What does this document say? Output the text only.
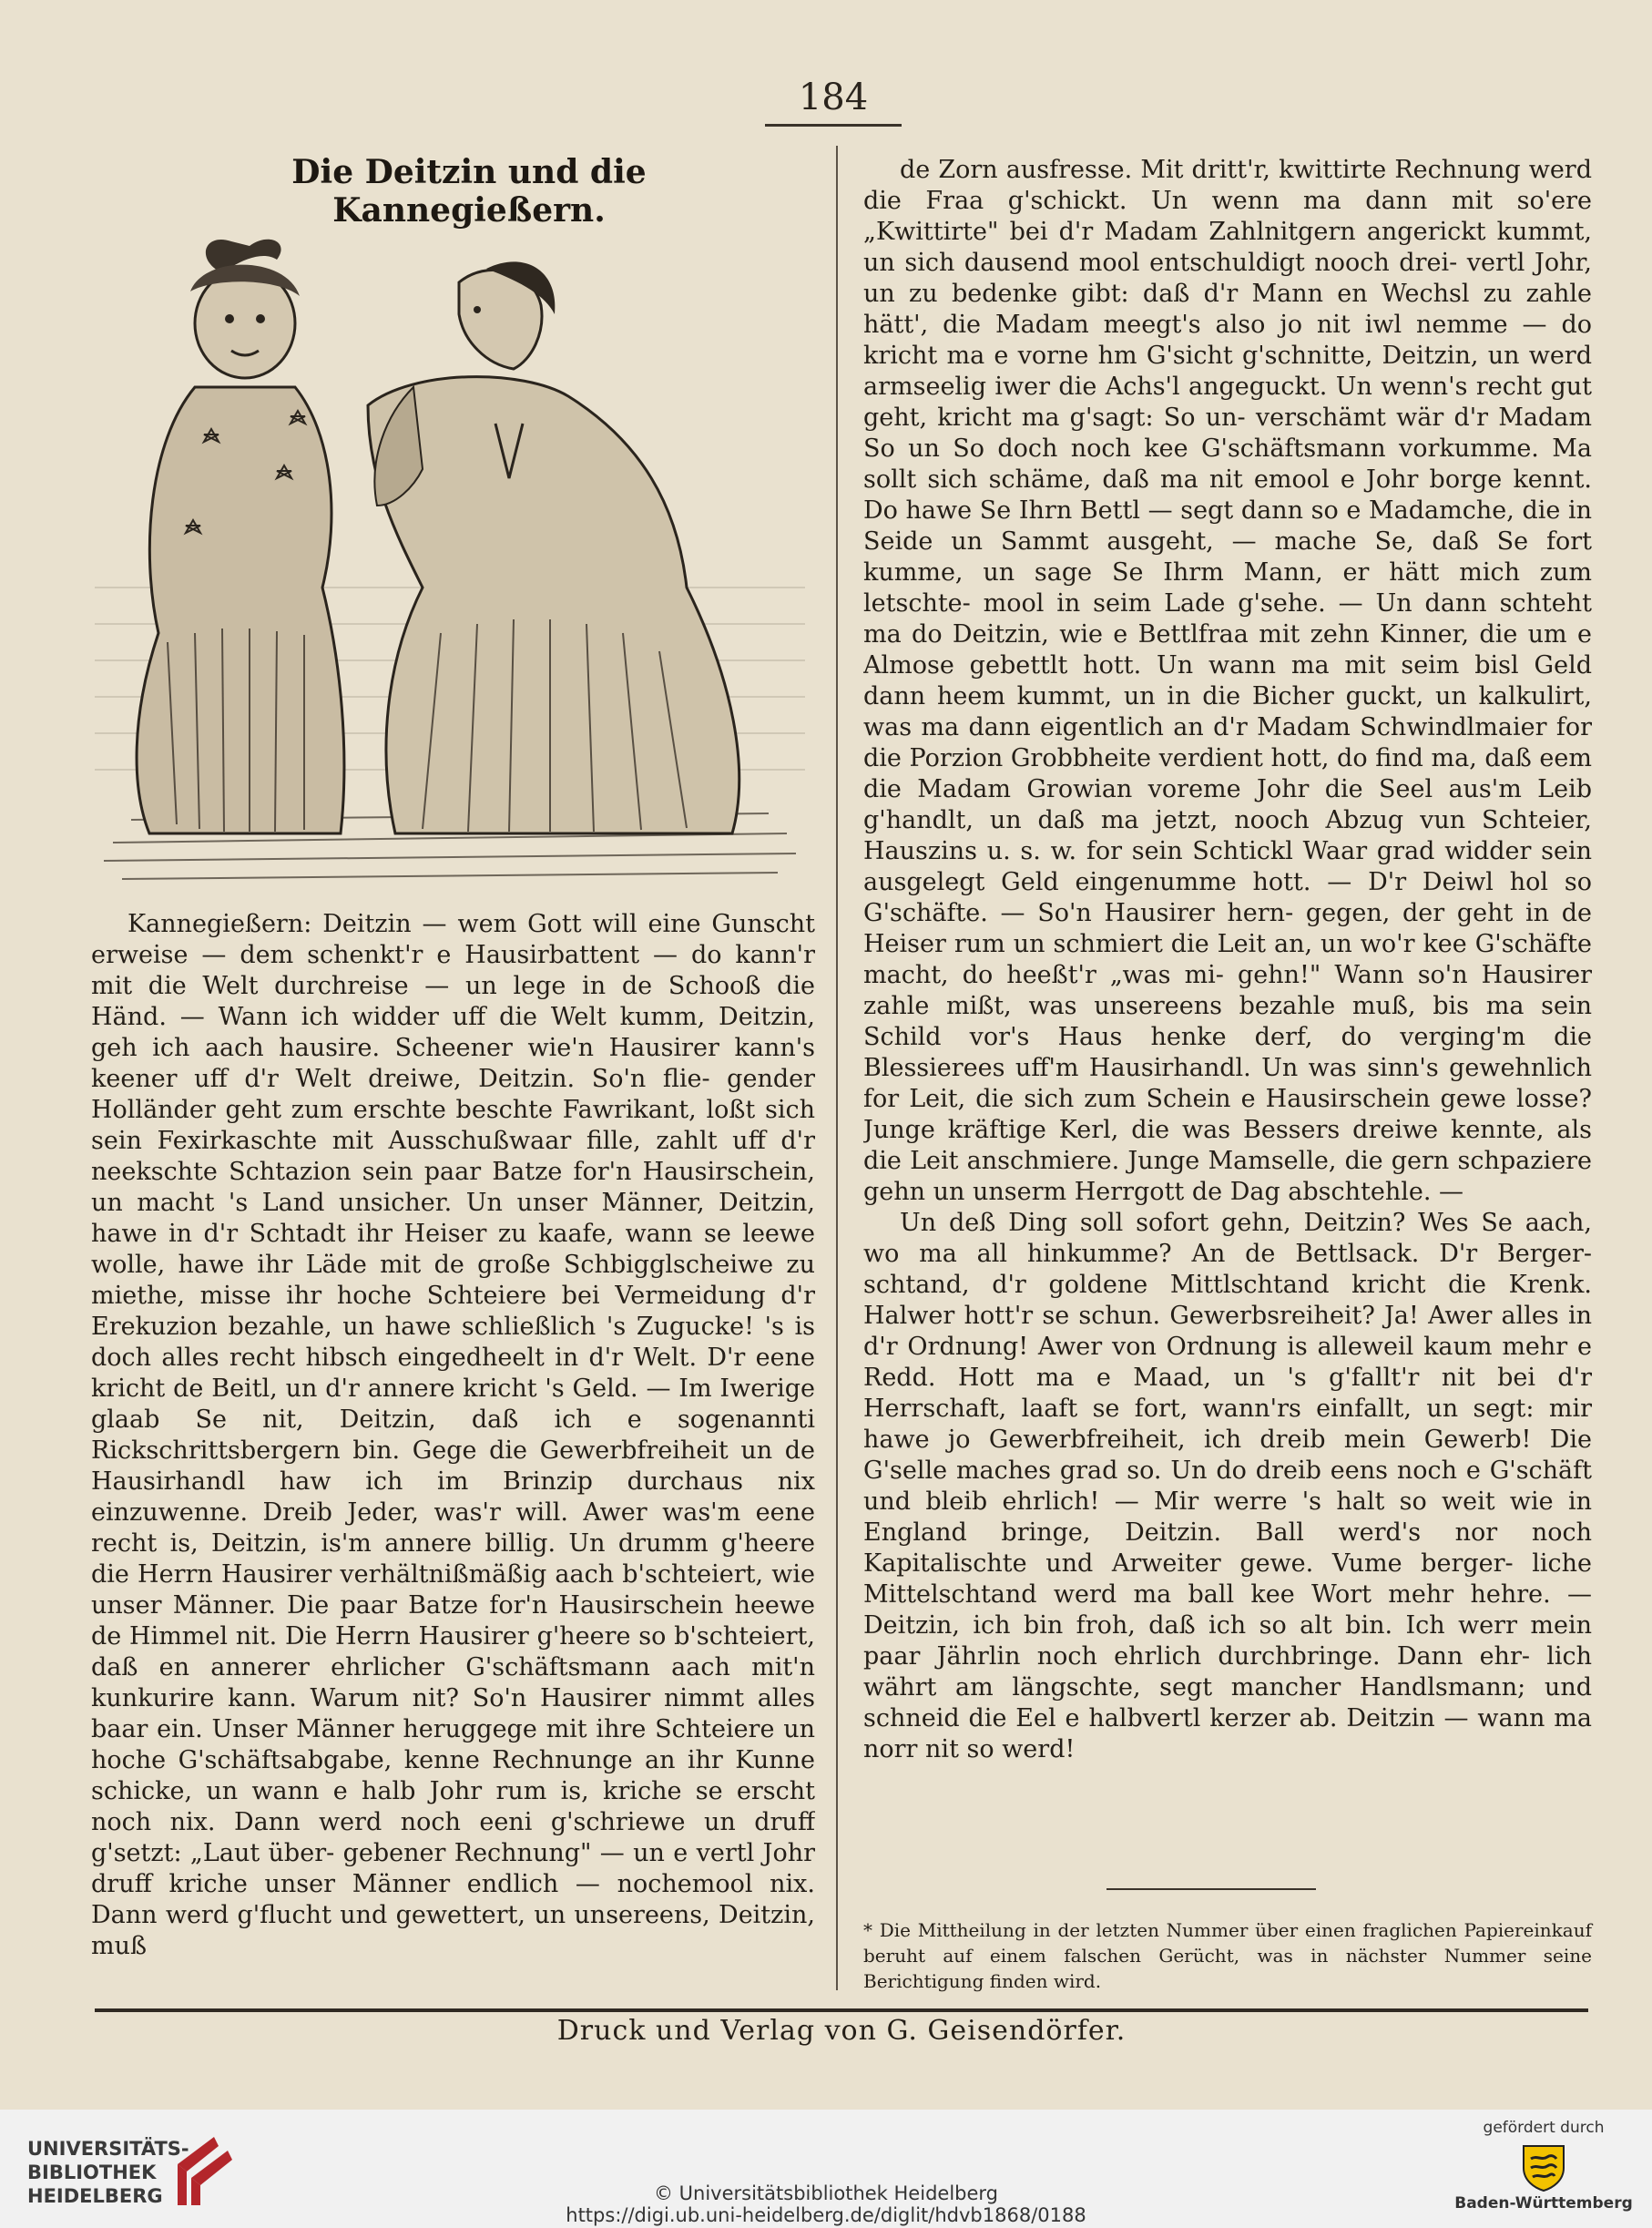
184
Die Deitzin und die Kannegießern.

Kannegießern: Deitzin — wem Gott will eine Gunscht erweise — dem schenkt'r e Hausirbattent — do kann'r mit die Welt durchreise — un lege in de Schooß die Händ. — Wann ich widder uff die Welt kumm, Deitzin, geh ich aach hausire. Scheener wie'n Hausirer kann's keener uff d'r Welt dreiwe, Deitzin. So'n flie- gender Holländer geht zum erschte beschte Fawrikant, loßt sich sein Fexirkaschte mit Ausschußwaar fille, zahlt uff d'r neekschte Schtazion sein paar Batze for'n Hausirschein, un macht 's Land unsicher. Un unser Männer, Deitzin, hawe in d'r Schtadt ihr Heiser zu kaafe, wann se leewe wolle, hawe ihr Läde mit de große Schbigglscheiwe zu miethe, misse ihr hoche Schteiere bei Vermeidung d'r Erekuzion bezahle, un hawe schließlich 's Zugucke! 's is doch alles recht hibsch eingedheelt in d'r Welt. D'r eene kricht de Beitl, un d'r annere kricht 's Geld. — Im Iwerige glaab Se nit, Deitzin, daß ich e sogenannti Rickschrittsbergern bin. Gege die Gewerbfreiheit un de Hausirhandl haw ich im Brinzip durchaus nix einzuwenne. Dreib Jeder, was'r will. Awer was'm eene recht is, Deitzin, is'm annere billig. Un drumm g'heere die Herrn Hausirer verhältnißmäßig aach b'schteiert, wie unser Männer. Die paar Batze for'n Hausirschein heewe de Himmel nit. Die Herrn Hausirer g'heere so b'schteiert, daß en annerer ehrlicher G'schäftsmann aach mit'n kunkurire kann. Warum nit? So'n Hausirer nimmt alles baar ein. Unser Männer heruggege mit ihre Schteiere un hoche G'schäftsabgabe, kenne Rechnunge an ihr Kunne schicke, un wann e halb Johr rum is, kriche se erscht noch nix. Dann werd noch eeni g'schriewe un druff g'setzt: „Laut über- gebener Rechnung" — un e vertl Johr druff kriche unser Männer endlich — nochemool nix. Dann werd g'flucht und gewettert, un unsereens, Deitzin, muß

de Zorn ausfresse. Mit dritt'r, kwittirte Rechnung werd die Fraa g'schickt. Un wenn ma dann mit so'ere „Kwittirte" bei d'r Madam Zahlnitgern angerickt kummt, un sich dausend mool entschuldigt nooch drei- vertl Johr, un zu bedenke gibt: daß d'r Mann en Wechsl zu zahle hätt', die Madam meegt's also jo nit iwl nemme — do kricht ma e vorne hm G'sicht g'schnitte, Deitzin, un werd armseelig iwer die Achs'l angeguckt. Un wenn's recht gut geht, kricht ma g'sagt: So un- verschämt wär d'r Madam So un So doch noch kee G'schäftsmann vorkumme. Ma sollt sich schäme, daß ma nit emool e Johr borge kennt. Do hawe Se Ihrn Bettl — segt dann so e Madamche, die in Seide un Sammt ausgeht, — mache Se, daß Se fort kumme, un sage Se Ihrm Mann, er hätt mich zum letschte- mool in seim Lade g'sehe. — Un dann schteht ma do Deitzin, wie e Bettlfraa mit zehn Kinner, die um e Almose gebettlt hott. Un wann ma mit seim bisl Geld dann heem kummt, un in die Bicher guckt, un kalkulirt, was ma dann eigentlich an d'r Madam Schwindlmaier for die Porzion Grobbheite verdient hott, do find ma, daß eem die Madam Growian voreme Johr die Seel aus'm Leib g'handlt, un daß ma jetzt, nooch Abzug vun Schteier, Hauszins u. s. w. for sein Schtickl Waar grad widder sein ausgelegt Geld eingenumme hott. — D'r Deiwl hol so G'schäfte. — So'n Hausirer hern- gegen, der geht in de Heiser rum un schmiert die Leit an, un wo'r kee G'schäfte macht, do heeßt'r „was mi- gehn!" Wann so'n Hausirer zahle mißt, was unsereens bezahle muß, bis ma sein Schild vor's Haus henke derf, do verging'm die Blessierees uff'm Hausirhandl. Un was sinn's gewehnlich for Leit, die sich zum Schein e Hausirschein gewe losse? Junge kräftige Kerl, die was Bessers dreiwe kennte, als die Leit anschmiere. Junge Mamselle, die gern schpaziere gehn un unserm Herrgott de Dag abschtehle. —

Un deß Ding soll sofort gehn, Deitzin? Wes Se aach, wo ma all hinkumme? An de Bettlsack. D'r Berger- schtand, d'r goldene Mittlschtand kricht die Krenk. Halwer hott'r se schun. Gewerbsreiheit? Ja! Awer alles in d'r Ordnung! Awer von Ordnung is alleweil kaum mehr e Redd. Hott ma e Maad, un 's g'fallt'r nit bei d'r Herrschaft, laaft se fort, wann'rs einfallt, un segt: mir hawe jo Gewerbfreiheit, ich dreib mein Gewerb! Die G'selle maches grad so. Un do dreib eens noch e G'schäft und bleib ehrlich! — Mir werre 's halt so weit wie in England bringe, Deitzin. Ball werd's nor noch Kapitalischte und Arweiter gewe. Vume berger- liche Mittelschtand werd ma ball kee Wort mehr hehre. — Deitzin, ich bin froh, daß ich so alt bin. Ich werr mein paar Jährlin noch ehrlich durchbringe. Dann ehr- lich währt am längschte, segt mancher Handlsmann; und schneid die Eel e halbvertl kerzer ab. Deitzin — wann ma norr nit so werd!

* Die Mittheilung in der letzten Nummer über einen fraglichen Papiereinkauf beruht auf einem falschen Gerücht, was in nächster Nummer seine Berichtigung finden wird.
Druck und Verlag von G. Geisendörfer.
UNIVERSITÄTS-
BIBLIOTHEK
HEIDELBERG	© Universitätsbibliothek Heidelberg
https://digi.ub.uni-heidelberg.de/diglit/hdvb1868/0188
gefördert durch
Baden-Württemberg
